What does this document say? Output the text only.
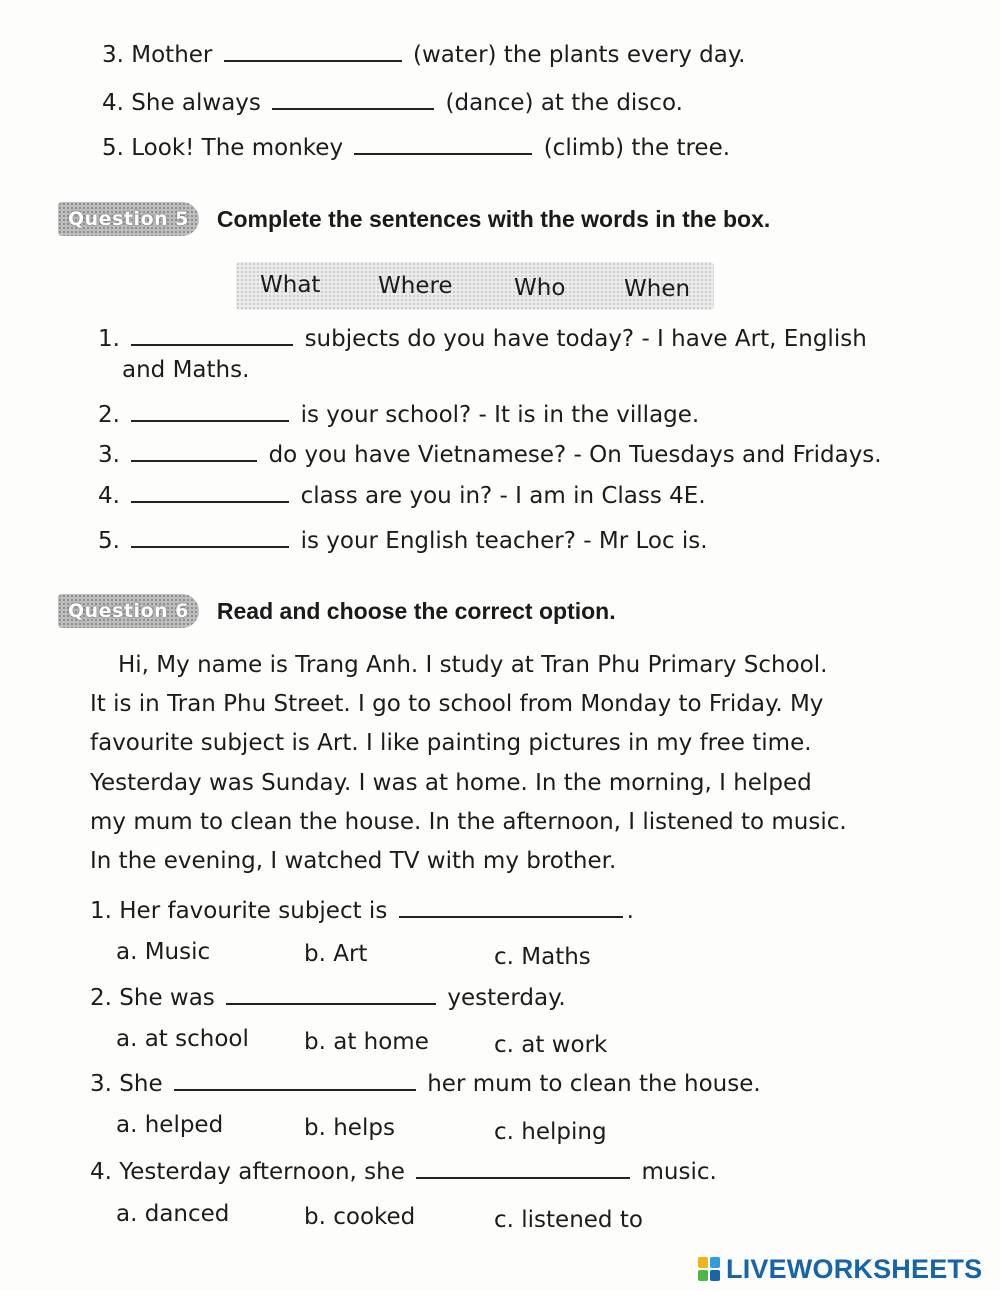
3. Mother	(water) the plants every day.
4. She always	(dance) at the disco.
5. Look! The monkey	(climb) the tree.
Question 5	Complete the sentences with the words in the box.
What	Where	Who	When
1.	subjects do you have today? - I have Art, English
and Maths.
2.	is your school? - It is in the village.
3.	do you have Vietnamese? - On Tuesdays and Fridays.
4.	class are you in? - I am in Class 4E.
5.	is your English teacher? - Mr Loc is.
Question 6	Read and choose the correct option.
Hi, My name is Trang Anh. I study at Tran Phu Primary School.
It is in Tran Phu Street. I go to school from Monday to Friday. My
favourite subject is Art. I like painting pictures in my free time.
Yesterday was Sunday. I was at home. In the morning, I helped
my mum to clean the house. In the afternoon, I listened to music.
In the evening, I watched TV with my brother.
1. Her favourite subject is	.
a. Music	b. Art	c. Maths
2. She was	yesterday.
a. at school b. at home	c. at work
3. She	her mum to clean the house.
a. helped	b. helps	c. helping
4. Yesterday afternoon, she	music.
a. danced	b. cooked	c. listened to
LIVEWORKSHEETS
